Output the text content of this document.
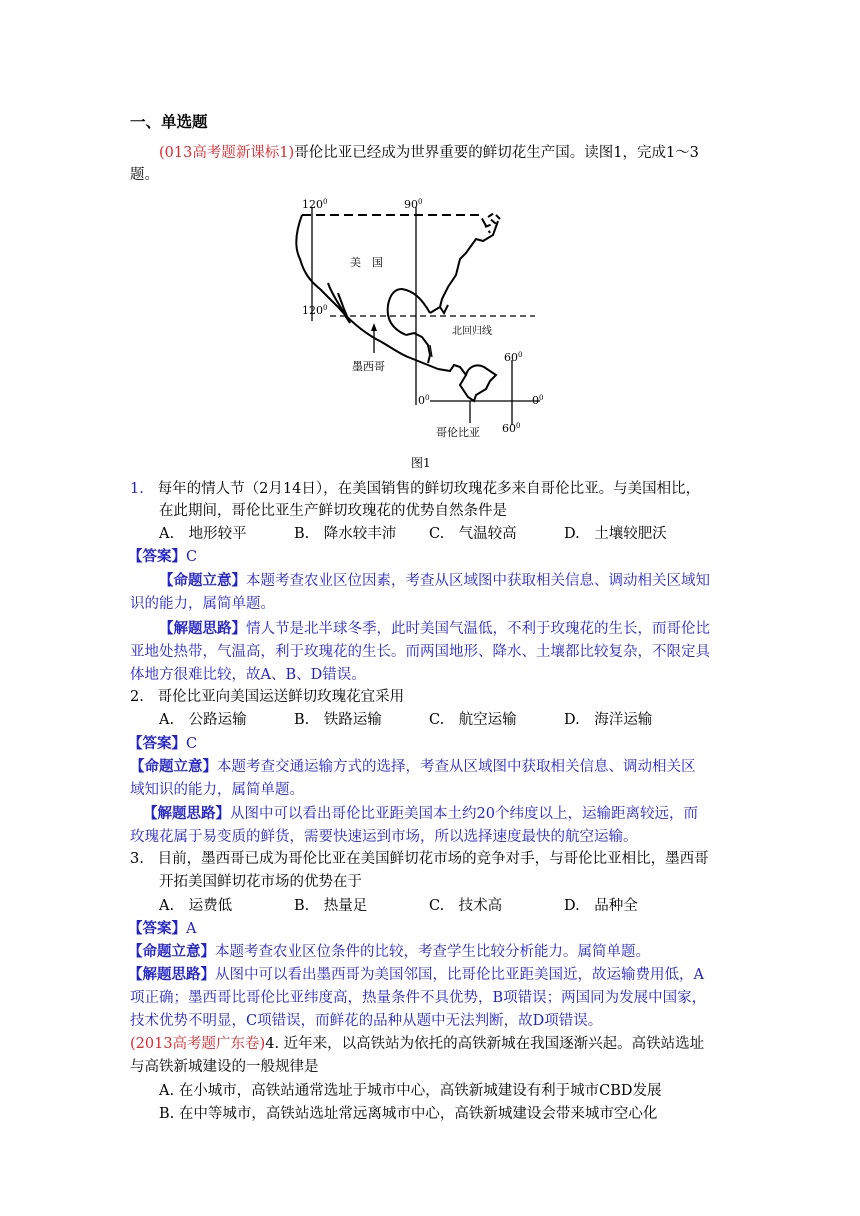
一、单选题
(013高考题新课标1)哥伦比亚已经成为世界重要的鲜切花生产国。读图1，完成1～3
题。
$120^0$	$90^0$
美　国
$120^0$
北回归线
墨西哥
$60^0$
$0^0$	$0^0$
哥伦比亚 $60^0$
图1
1. 每年的情人节（2月14日），在美国销售的鲜切玫瑰花多来自哥伦比亚。与美国相比，
在此期间，哥伦比亚生产鲜切玫瑰花的优势自然条件是
A.　地形较平	B.　降水较丰沛 C.　气温较高	D.　土壤较肥沃
【答案】C
【命题立意】本题考查农业区位因素，考查从区域图中获取相关信息、调动相关区域知
识的能力，属简单题。
【解题思路】情人节是北半球冬季，此时美国气温低，不利于玫瑰花的生长，而哥伦比
亚地处热带，气温高，利于玫瑰花的生长。而两国地形、降水、土壤都比较复杂，不限定具
体地方很难比较，故A、B、D错误。
2. 哥伦比亚向美国运送鲜切玫瑰花宜采用
A.　公路运输	B.　铁路运输	C.　航空运输	D.　海洋运输
【答案】C
【命题立意】本题考查交通运输方式的选择，考查从区域图中获取相关信息、调动相关区
域知识的能力，属简单题。
【解题思路】从图中可以看出哥伦比亚距美国本土约20个纬度以上，运输距离较远，而
玫瑰花属于易变质的鲜货，需要快速运到市场，所以选择速度最快的航空运输。
3. 目前，墨西哥已成为哥伦比亚在美国鲜切花市场的竞争对手，与哥伦比亚相比，墨西哥
开拓美国鲜切花市场的优势在于
A.　运费低	B.　热量足	C.　技术高	D.　品种全
【答案】A
【命题立意】本题考查农业区位条件的比较，考查学生比较分析能力。属简单题。
【解题思路】从图中可以看出墨西哥为美国邻国，比哥伦比亚距美国近，故运输费用低，A
项正确；墨西哥比哥伦比亚纬度高，热量条件不具优势，B项错误；两国同为发展中国家，
技术优势不明显，C项错误，而鲜花的品种从题中无法判断，故D项错误。
(2013高考题广东卷)4. 近年来，以高铁站为依托的高铁新城在我国逐渐兴起。高铁站选址
与高铁新城建设的一般规律是
A. 在小城市，高铁站通常选址于城市中心，高铁新城建设有利于城市CBD发展
B. 在中等城市，高铁站选址常远离城市中心，高铁新城建设会带来城市空心化
